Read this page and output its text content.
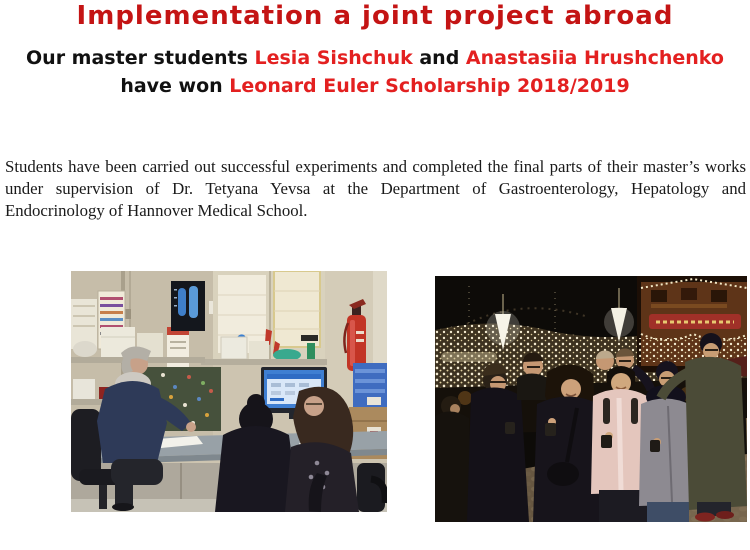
Implementation a joint project abroad
Our master students Lesia Sishchuk and Anastasiia Hrushchenko
have won Leonard Euler Scholarship 2018/2019

Students have been carried out successful experiments and completed the final parts of their master’s works under supervision of Dr. Tetyana Yevsa at the Department of Gastroenterology, Hepatology and Endocrinology of Hannover Medical School.
